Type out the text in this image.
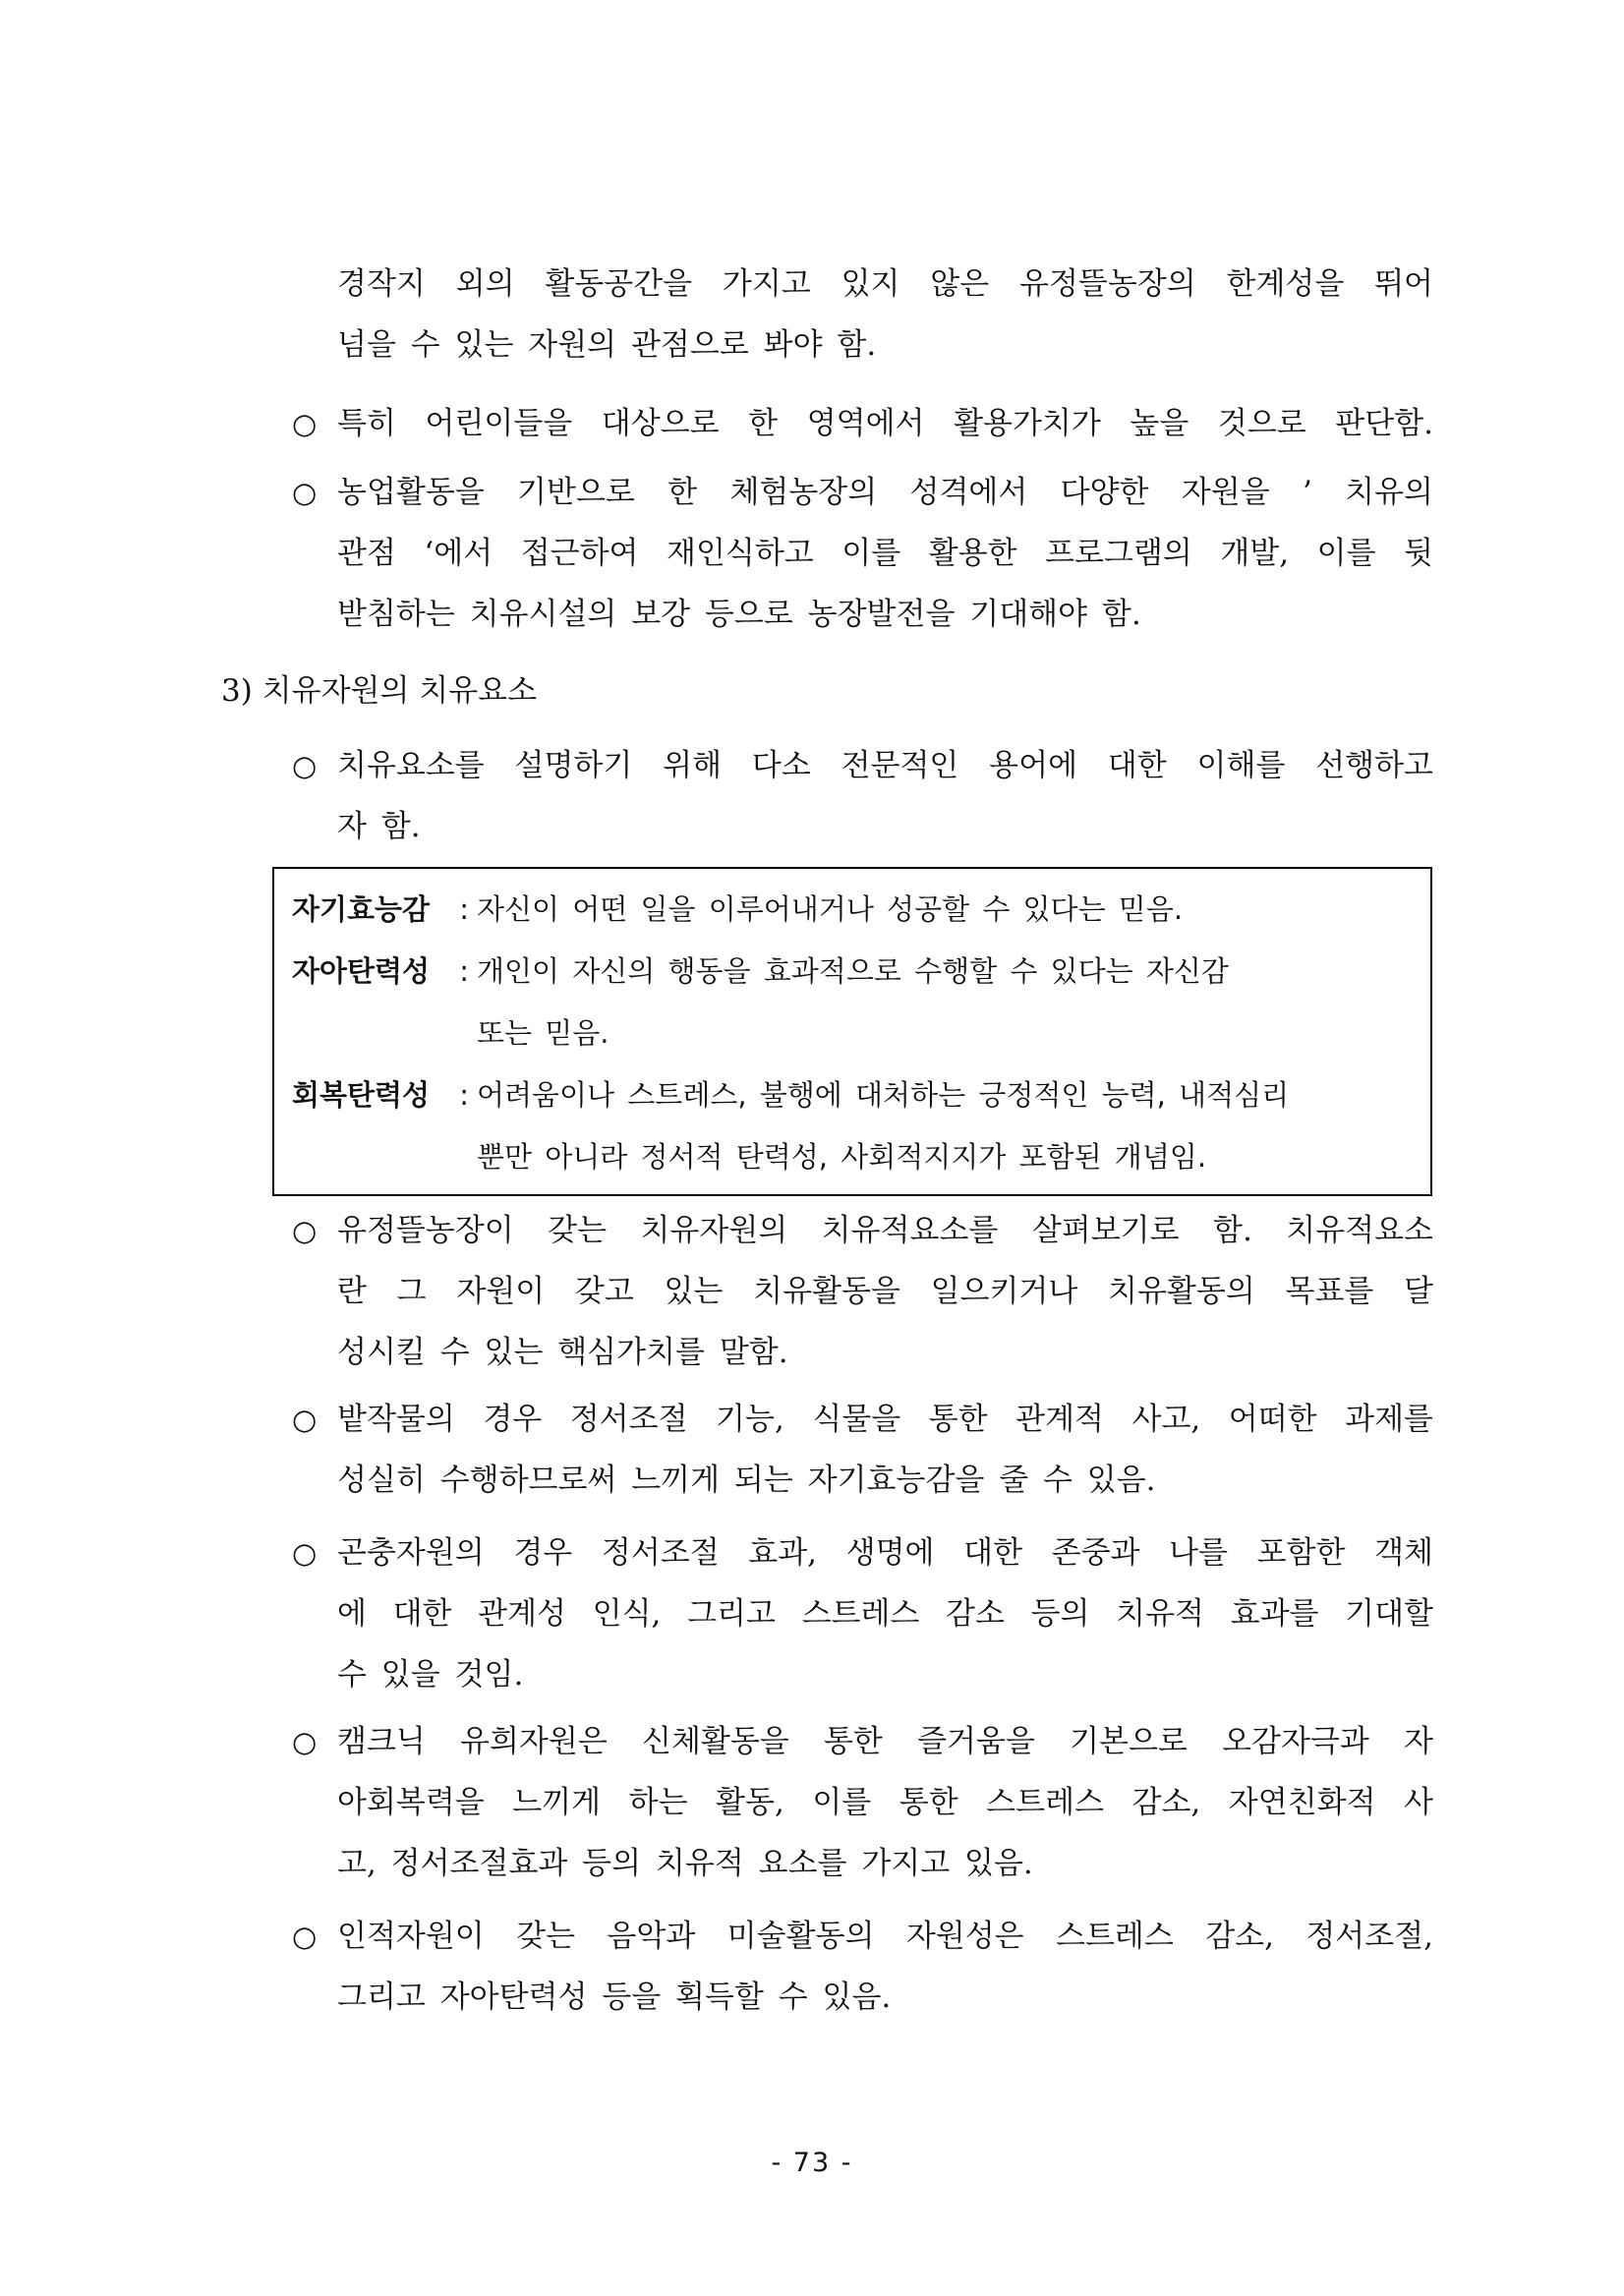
경작지 외의 활동공간을 가지고 있지 않은 유정뜰농장의 한계성을 뛰어
넘을 수 있는 자원의 관점으로 봐야 함.
○ 특히 어린이들을 대상으로 한 영역에서 활용가치가 높을 것으로 판단함.
○ 농업활동을 기반으로 한 체험농장의 성격에서 다양한 자원을 ’ 치유의
관점 ‘에서 접근하여 재인식하고 이를 활용한 프로그램의 개발, 이를 뒷
받침하는 치유시설의 보강 등으로 농장발전을 기대해야 함.
3) 치유자원의 치유요소
○ 치유요소를 설명하기 위해 다소 전문적인 용어에 대한 이해를 선행하고
자 함.
자기효능감 : 자신이 어떤 일을 이루어내거나 성공할 수 있다는 믿음.
자아탄력성 : 개인이 자신의 행동을 효과적으로 수행할 수 있다는 자신감
또는 믿음.
회복탄력성 : 어려움이나 스트레스, 불행에 대처하는 긍정적인 능력, 내적심리
뿐만 아니라 정서적 탄력성, 사회적지지가 포함된 개념임.
○ 유정뜰농장이 갖는 치유자원의 치유적요소를 살펴보기로 함. 치유적요소
란 그 자원이 갖고 있는 치유활동을 일으키거나 치유활동의 목표를 달
성시킬 수 있는 핵심가치를 말함.
○ 밭작물의 경우 정서조절 기능, 식물을 통한 관계적 사고, 어떠한 과제를
성실히 수행하므로써 느끼게 되는 자기효능감을 줄 수 있음.
○ 곤충자원의 경우 정서조절 효과, 생명에 대한 존중과 나를 포함한 객체
에 대한 관계성 인식, 그리고 스트레스 감소 등의 치유적 효과를 기대할
수 있을 것임.
○ 캠크닉 유희자원은 신체활동을 통한 즐거움을 기본으로 오감자극과 자
아회복력을 느끼게 하는 활동, 이를 통한 스트레스 감소, 자연친화적 사
고, 정서조절효과 등의 치유적 요소를 가지고 있음.
○ 인적자원이 갖는 음악과 미술활동의 자원성은 스트레스 감소, 정서조절,
그리고 자아탄력성 등을 획득할 수 있음.
- 73 -
